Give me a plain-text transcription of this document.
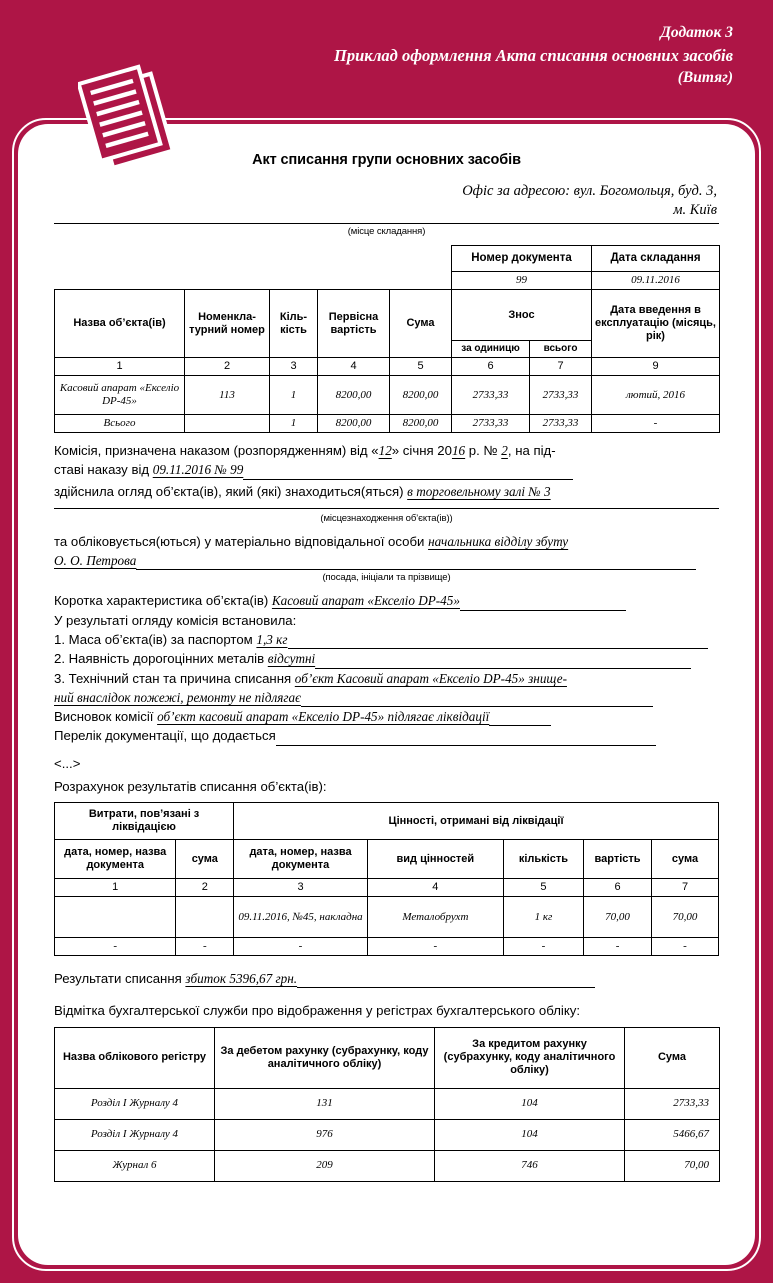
Додаток 3
Приклад оформлення Акта списання основних засобів
(Витяг)
Акт списання групи основних засобів
Офіс за адресою: вул. Богомольця, буд. 3,
м. Київ
(місце складання)
					Номер документа		Дата складання
					99		09.11.2016
Назва об’єкта(ів)	Номенкла-турний номер	Кіль-кість	Первісна вартість	Сума	Знос		Дата введення в експлуатацію (місяць, рік)
					за одиницю	всього	
1	2	3	4	5	6	7	9
Касовий апарат «Екселіо DP-45»	113	1	8200,00	8200,00	2733,33	2733,33	лютий, 2016
Всього		1	8200,00	8200,00	2733,33	2733,33	-

Комісія, призначена наказом (розпорядженням) від «12» січня 2016 р. № 2, на під-

ставі наказу від 09.11.2016 № 99

здійснила огляд об’єкта(ів), який (які) знаходиться(яться) в торговельному залі № 3

(місцезнаходження об’єкта(ів))

та обліковується(ються) у матеріально відповідальної особи начальника відділу збуту

О. О. Петрова

(посада, ініціали та прізвище)

Коротка характеристика об’єкта(ів) Касовий апарат «Екселіо DP-45»

У результаті огляду комісія встановила:

1. Маса об’єкта(ів) за паспортом 1,3 кг

2. Наявність дорогоцінних металів відсутні

3. Технічний стан та причина списання об’єкт Касовий апарат «Екселіо DP-45» знище-

ний внаслідок пожежі, ремонту не підлягає

Висновок комісії об’єкт касовий апарат «Екселіо DP-45» підлягає ліквідації

Перелік документації, що додається

<...>

Розрахунок результатів списання об’єкта(ів):

Витрати, пов’язані з ліквідацією		Цінності, отримані від ліквідації				
дата, номер, назва документа	сума	дата, номер, назва документа	вид цінностей	кількість	вартість	сума
1	2	3	4	5	6	7
		09.11.2016, №45, накладна	Металобрухт	1 кг	70,00	70,00
-	-	-	-	-	-	-

Результати списання збиток 5396,67 грн.

Відмітка бухгалтерської служби про відображення у регістрах бухгалтерського обліку:

Назва облікового регістру	За дебетом рахунку (субрахунку, коду аналітичного обліку)	За кредитом рахунку (субрахунку, коду аналітичного обліку)	Сума
Розділ I Журналу 4	131	104	2733,33
Розділ I Журналу 4	976	104	5466,67
Журнал 6	209	746	70,00
